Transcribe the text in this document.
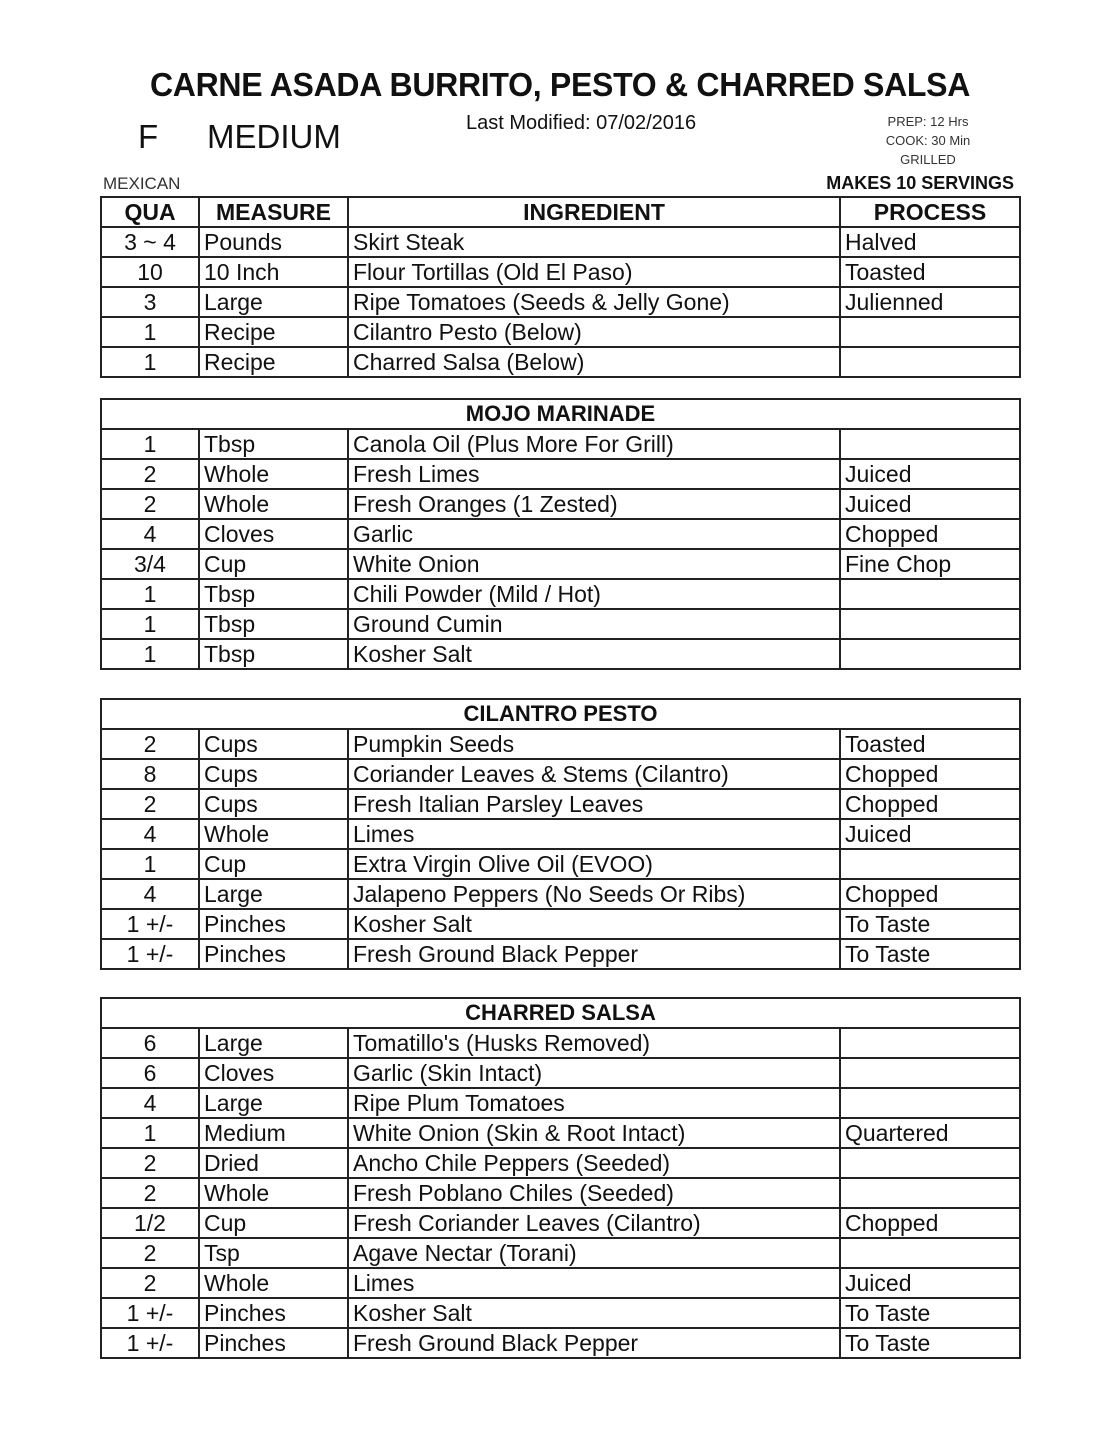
CARNE ASADA BURRITO, PESTO & CHARRED SALSA
F MEDIUM	Last Modified: 07/02/2016	PREP: 12 Hrs
COOK: 30 Min
GRILLED
MEXICAN	MAKES 10 SERVINGS
QUA	MEASURE	INGREDIENT	PROCESS
3 ~ 4	Pounds	Skirt Steak	Halved
10	10 Inch	Flour Tortillas (Old El Paso)	Toasted
3	Large	Ripe Tomatoes (Seeds & Jelly Gone)	Julienned
1	Recipe	Cilantro Pesto (Below)	
1	Recipe	Charred Salsa (Below)	
MOJO MARINADE			
1	Tbsp	Canola Oil (Plus More For Grill)	
2	Whole	Fresh Limes	Juiced
2	Whole	Fresh Oranges (1 Zested)	Juiced
4	Cloves	Garlic	Chopped
3/4	Cup	White Onion	Fine Chop
1	Tbsp	Chili Powder (Mild / Hot)	
1	Tbsp	Ground Cumin	
1	Tbsp	Kosher Salt	
CILANTRO PESTO			
2	Cups	Pumpkin Seeds	Toasted
8	Cups	Coriander Leaves & Stems (Cilantro)	Chopped
2	Cups	Fresh Italian Parsley Leaves	Chopped
4	Whole	Limes	Juiced
1	Cup	Extra Virgin Olive Oil (EVOO)	
4	Large	Jalapeno Peppers (No Seeds Or Ribs)	Chopped
1 +/-	Pinches	Kosher Salt	To Taste
1 +/-	Pinches	Fresh Ground Black Pepper	To Taste
CHARRED SALSA			
6	Large	Tomatillo's (Husks Removed)	
6	Cloves	Garlic (Skin Intact)	
4	Large	Ripe Plum Tomatoes	
1	Medium	White Onion (Skin & Root Intact)	Quartered
2	Dried	Ancho Chile Peppers (Seeded)	
2	Whole	Fresh Poblano Chiles (Seeded)	
1/2	Cup	Fresh Coriander Leaves (Cilantro)	Chopped
2	Tsp	Agave Nectar (Torani)	
2	Whole	Limes	Juiced
1 +/-	Pinches	Kosher Salt	To Taste
1 +/-	Pinches	Fresh Ground Black Pepper	To Taste
